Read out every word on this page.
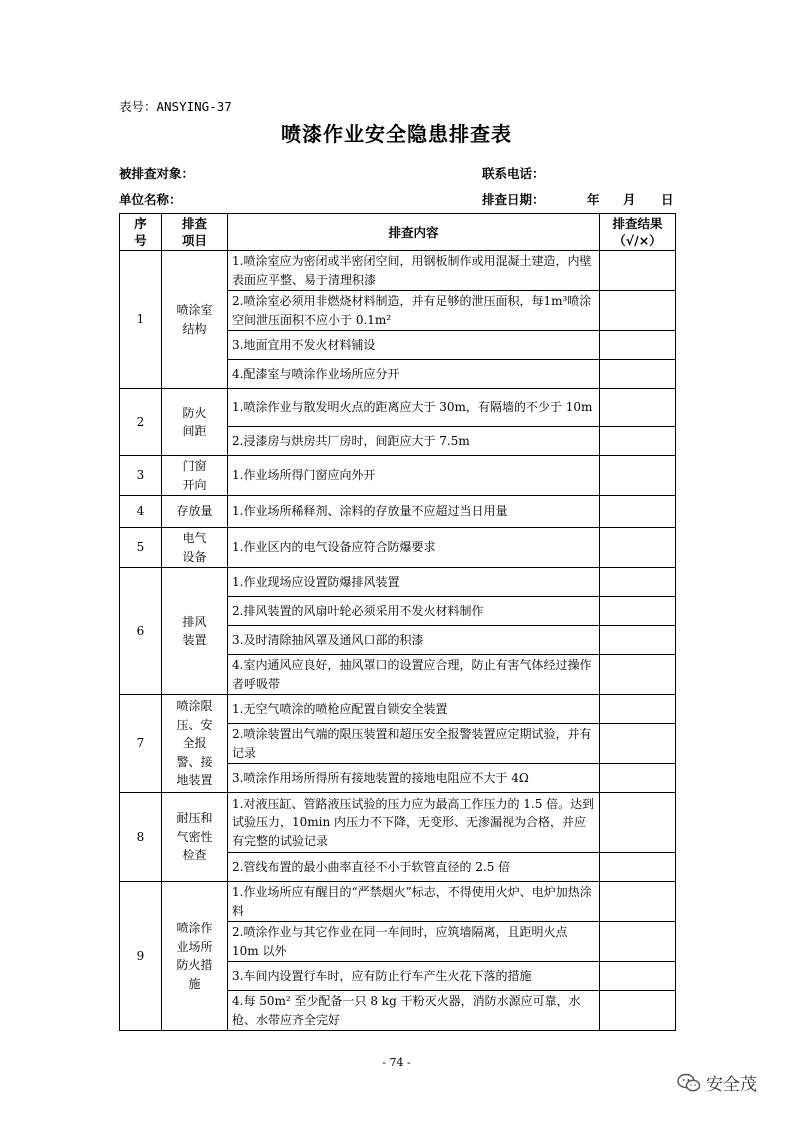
表号：ANSYING-37
喷漆作业安全隐患排查表
被排查对象：	联系电话：
单位名称：	排查日期：	年 月 日
序号	排查项目	排查内容	排查结果（√/×）

1	喷涂室结构	1.喷涂室应为密闭或半密闭空间，用钢板制作或用混凝土建造，内壁表面应平整、易于清理积漆	
		2.喷涂室必须用非燃烧材料制造，并有足够的泄压面积，每1m³喷涂空间泄压面积不应小于 0.1m²	
		3.地面宜用不发火材料铺设	
		4.配漆室与喷涂作业场所应分开	
2	防火间距	1.喷涂作业与散发明火点的距离应大于 30m，有隔墙的不少于 10m	
		2.浸漆房与烘房共厂房时，间距应大于 7.5m	
3	门窗开向	1.作业场所得门窗应向外开	
4	存放量	1.作业场所稀释剂、涂料的存放量不应超过当日用量	
5	电气设备	1.作业区内的电气设备应符合防爆要求	
6	排风装置	1.作业现场应设置防爆排风装置	
		2.排风装置的风扇叶轮必须采用不发火材料制作	
		3.及时清除抽风罩及通风口部的积漆	
		4.室内通风应良好，抽风罩口的设置应合理，防止有害气体经过操作者呼吸带	
7	喷涂限压、安全报警、接地装置	1.无空气喷涂的喷枪应配置自锁安全装置	
		2.喷涂装置出气端的限压装置和超压安全报警装置应定期试验，并有记录	
		3.喷涂作用场所得所有接地装置的接地电阻应不大于 4Ω	
8	耐压和气密性检查	1.对液压缸、管路液压试验的压力应为最高工作压力的 1.5 倍。达到试验压力，10min 内压力不下降，无变形、无渗漏视为合格，并应有完整的试验记录	
		2.管线布置的最小曲率直径不小于软管直径的 2.5 倍	
9	喷涂作业场所防火措施	1.作业场所应有醒目的“严禁烟火”标志，不得使用火炉、电炉加热涂料	
		2.喷涂作业与其它作业在同一车间时，应筑墙隔离，且距明火点 10m 以外	
		3.车间内设置行车时，应有防止行车产生火花下落的措施	
		4.每 50m² 至少配备一只 8 kg 干粉灭火器，消防水源应可靠，水枪、水带应齐全完好	
- 74 -
安全茂
